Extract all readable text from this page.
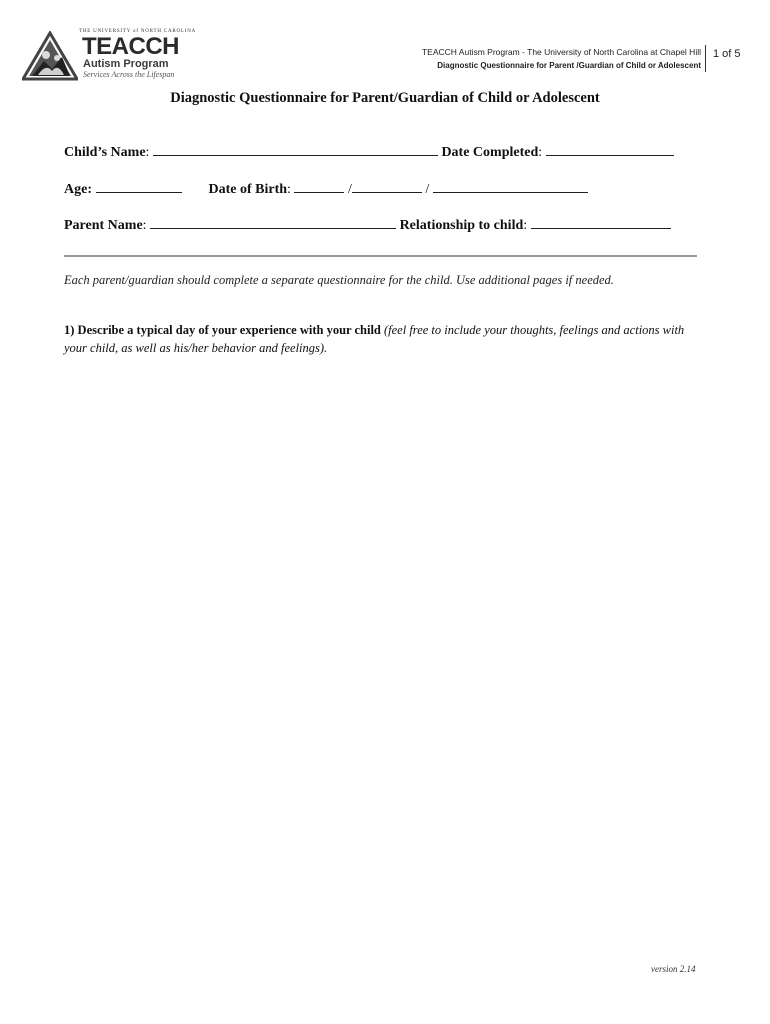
THE UNIVERSITY of NORTH CAROLINA
TEACCH
Autism Program
Services Across the Lifespan
TEACCH Autism Program - The University of North Carolina at Chapel Hill
Diagnostic Questionnaire for Parent /Guardian of Child or Adolescent
1 of 5
Diagnostic Questionnaire for Parent/Guardian of Child or Adolescent
Child’s Name:	Date Completed:
Age:	Date of Birth:	/	/
Parent Name:	Relationship to child:
Each parent/guardian should complete a separate questionnaire for the child. Use additional pages if needed.
1) Describe a typical day of your experience with your child (feel free to include your thoughts, feelings and actions with your child, as well as his/her behavior and feelings).
version 2.14
